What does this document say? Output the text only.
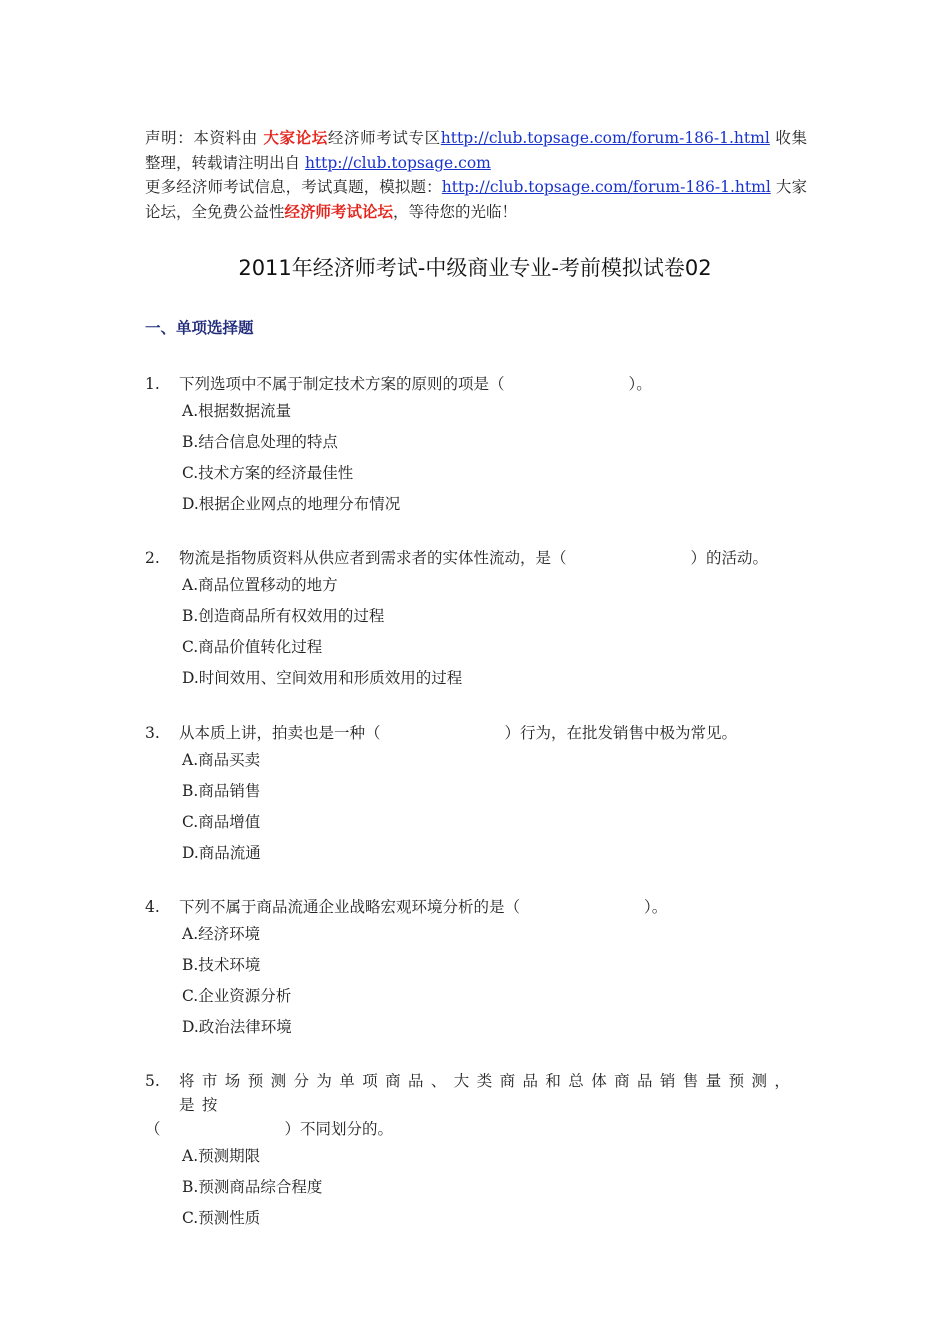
声明：本资料由 大家论坛经济师考试专区http://club.topsage.com/forum-186-1.html 收集整理，转载请注明出自 http://club.topsage.com

更多经济师考试信息，考试真题，模拟题：http://club.topsage.com/forum-186-1.html 大家论坛，全免费公益性经济师考试论坛，等待您的光临！

2011年经济师考试-中级商业专业-考前模拟试卷02
一、单项选择题
1. 下列选项中不属于制定技术方案的原则的项是（　　　　　　　　）。
A.根据数据流量
B.结合信息处理的特点
C.技术方案的经济最佳性
D.根据企业网点的地理分布情况
2. 物流是指物质资料从供应者到需求者的实体性流动，是（　　　　　　　　）的活动。
A.商品位置移动的地方
B.创造商品所有权效用的过程
C.商品价值转化过程
D.时间效用、空间效用和形质效用的过程
3. 从本质上讲，拍卖也是一种（　　　　　　　　）行为，在批发销售中极为常见。
A.商品买卖
B.商品销售
C.商品增值
D.商品流通
4. 下列不属于商品流通企业战略宏观环境分析的是（　　　　　　　　）。
A.经济环境
B.技术环境
C.企业资源分析
D.政治法律环境
5. 将市场预测分为单项商品、大类商品和总体商品销售量预测，是按
（　　　　　　　　）不同划分的。
A.预测期限
B.预测商品综合程度
C.预测性质
